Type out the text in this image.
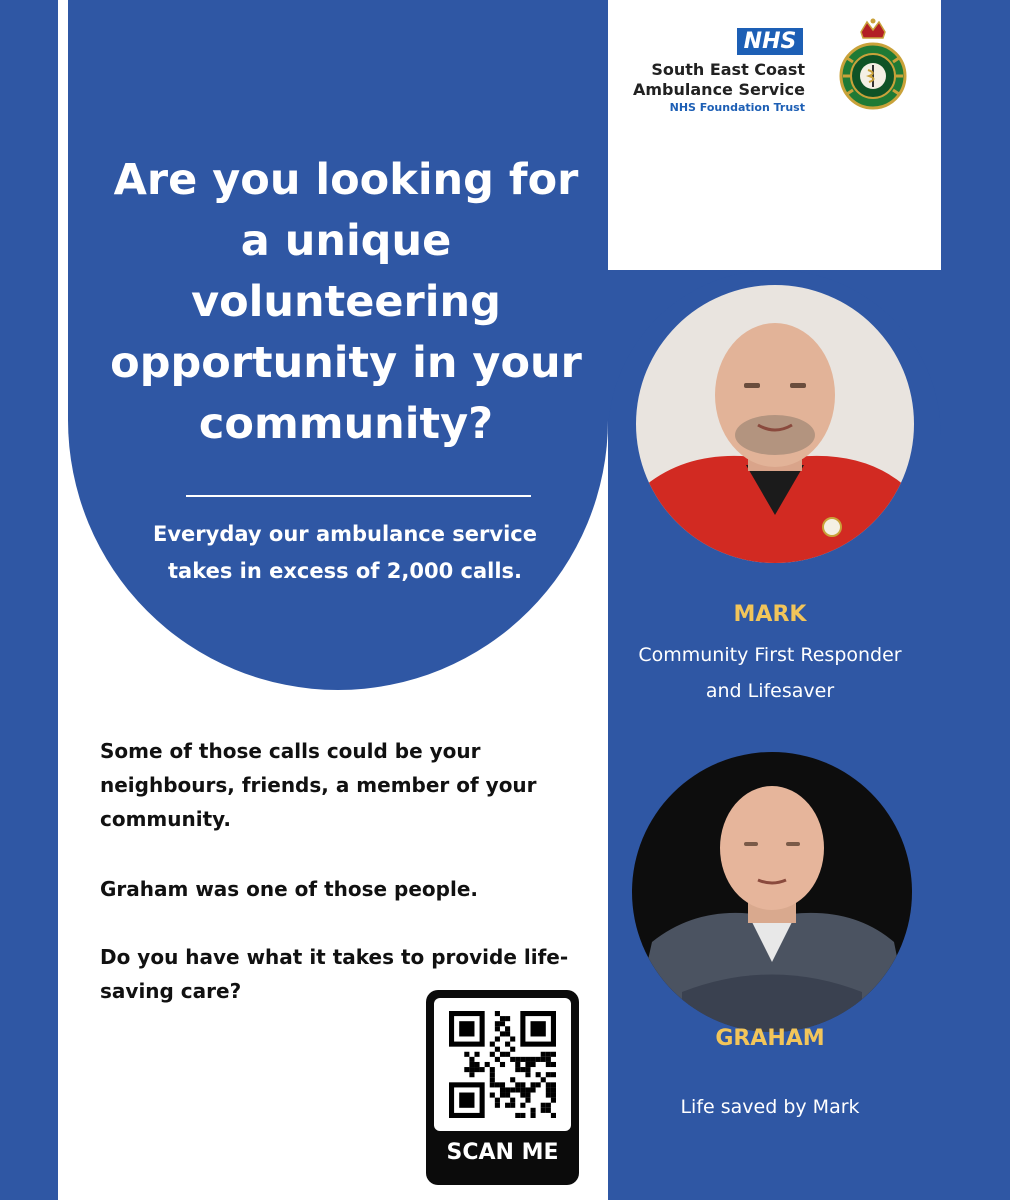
NHS
South East Coast
Ambulance Service
NHS Foundation Trust
Are you looking for a unique volunteering opportunity in your community?

Everyday our ambulance service takes in excess of 2,000 calls.

Some of those calls could be your neighbours, friends, a member of your community.

Graham was one of those people.

Do you have what it takes to provide life-saving care?

SCAN ME
MARK
Community First Responder
and Lifesaver
GRAHAM
Life saved by Mark
